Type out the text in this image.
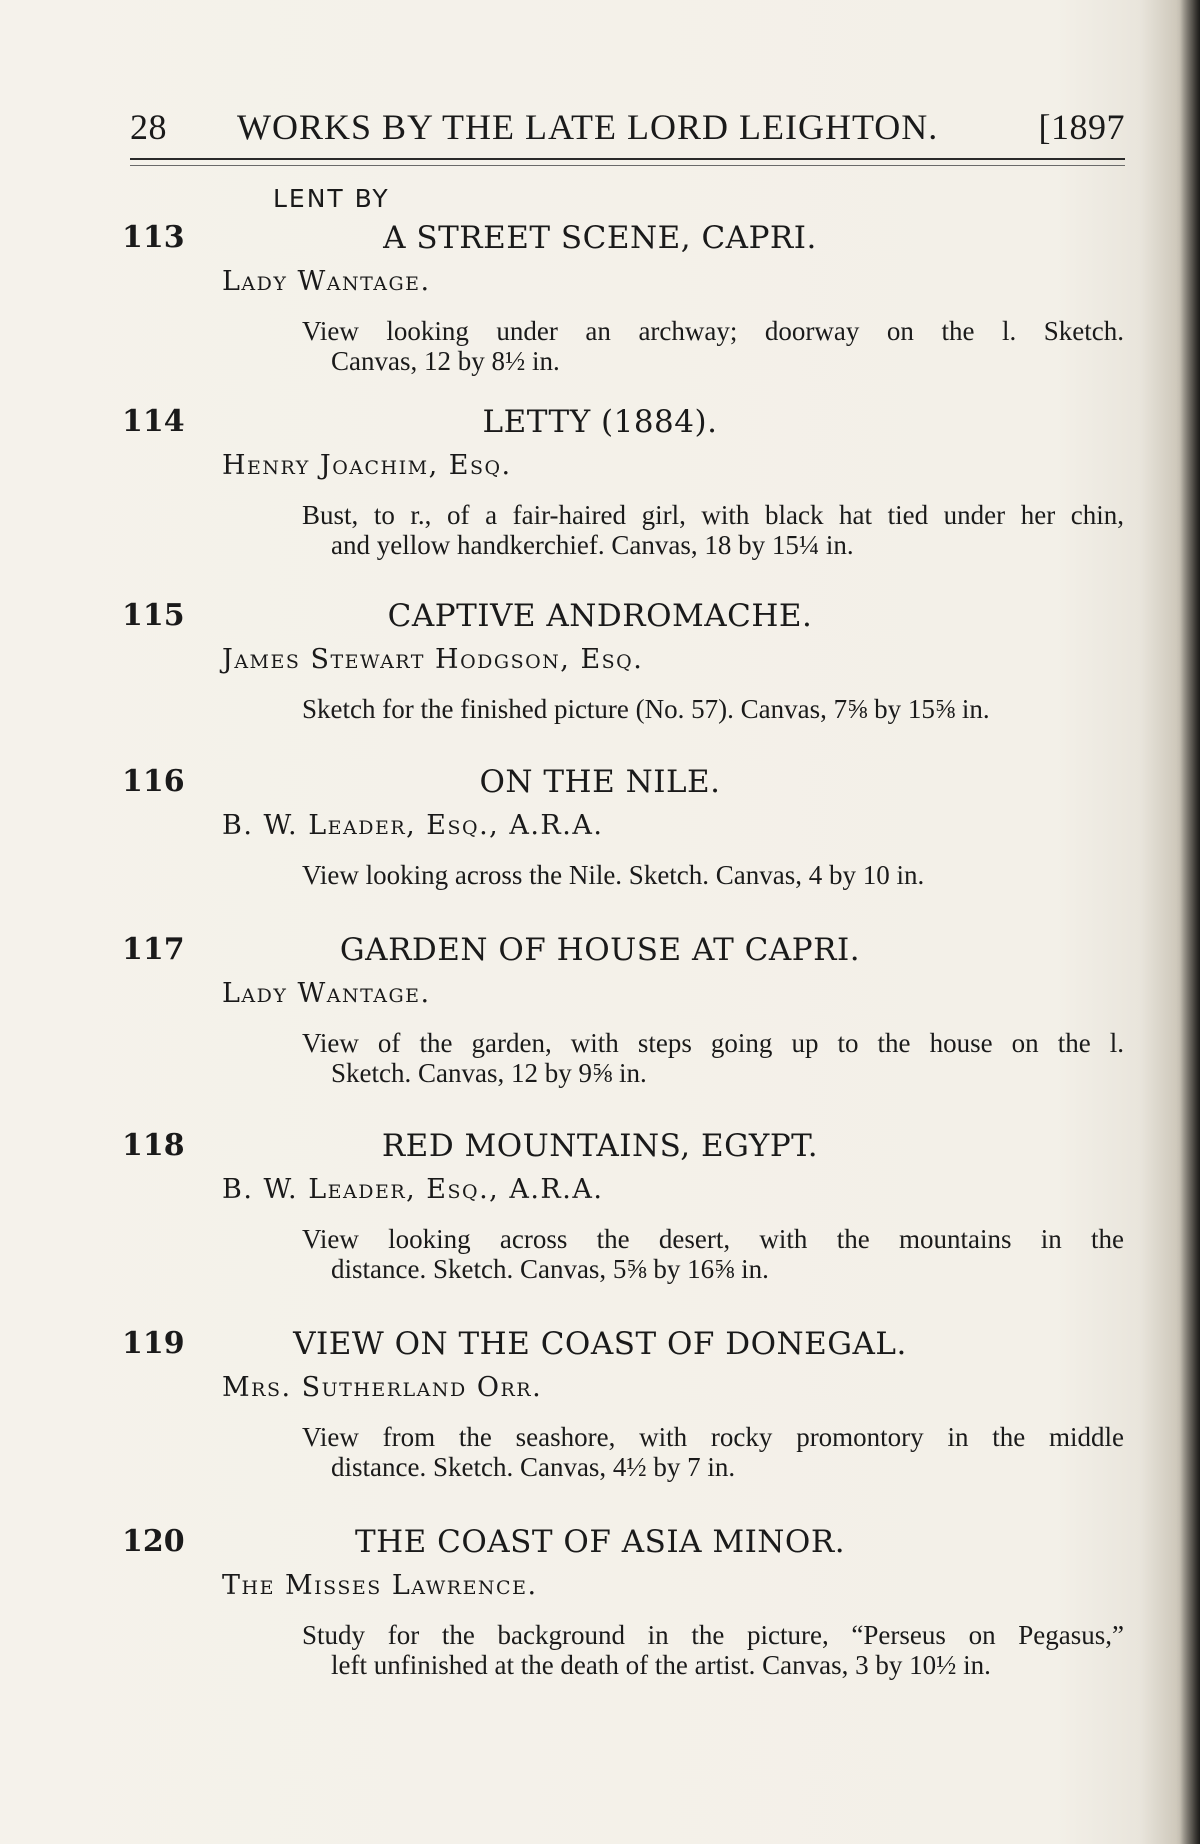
28 WORKS BY THE LATE LORD LEIGHTON.	[1897
LENT BY
113	A STREET SCENE, CAPRI.
Lady Wantage.
View looking under an archway; doorway on the l. Sketch.
Canvas, 12 by 8½ in.
114	LETTY (1884).
Henry Joachim, Esq.
Bust, to r., of a fair-haired girl, with black hat tied under her chin,
and yellow handkerchief. Canvas, 18 by 15¼ in.
115	CAPTIVE ANDROMACHE.
James Stewart Hodgson, Esq.
Sketch for the finished picture (No. 57). Canvas, 7⅝ by 15⅝ in.
116	ON THE NILE.
B. W. Leader, Esq., A.R.A.
View looking across the Nile. Sketch. Canvas, 4 by 10 in.
117	GARDEN OF HOUSE AT CAPRI.
Lady Wantage.
View of the garden, with steps going up to the house on the l.
Sketch. Canvas, 12 by 9⅝ in.
118	RED MOUNTAINS, EGYPT.
B. W. Leader, Esq., A.R.A.
View looking across the desert, with the mountains in the
distance. Sketch. Canvas, 5⅝ by 16⅝ in.
119	VIEW ON THE COAST OF DONEGAL.
Mrs. Sutherland Orr.
View from the seashore, with rocky promontory in the middle
distance. Sketch. Canvas, 4½ by 7 in.
120	THE COAST OF ASIA MINOR.
The Misses Lawrence.
Study for the background in the picture, “Perseus on Pegasus,”
left unfinished at the death of the artist. Canvas, 3 by 10½ in.
